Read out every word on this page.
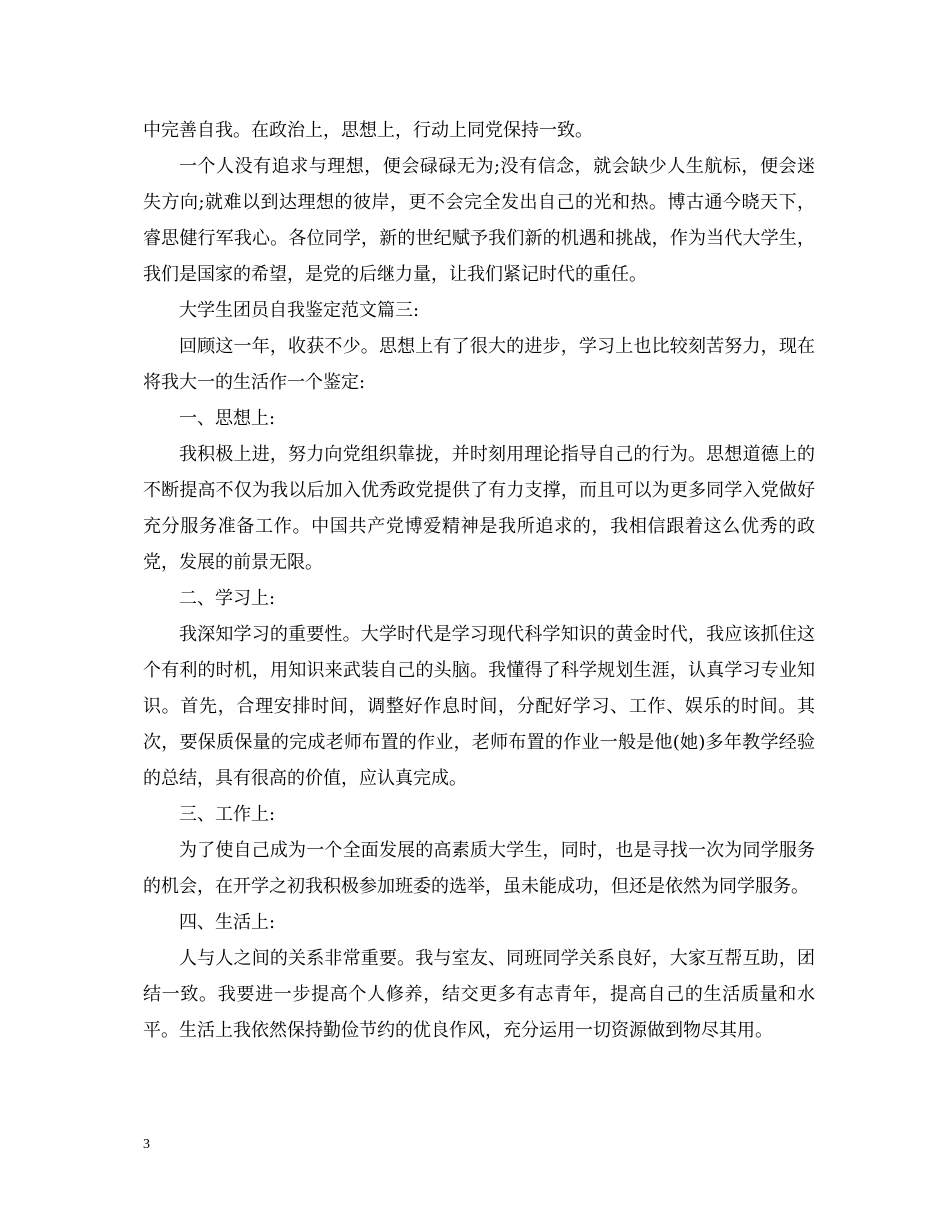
中完善自我。在政治上，思想上，行动上同党保持一致。

一个人没有追求与理想，便会碌碌无为;没有信念，就会缺少人生航标，便会迷失方向;就难以到达理想的彼岸，更不会完全发出自己的光和热。博古通今晓天下，睿思健行军我心。各位同学，新的世纪赋予我们新的机遇和挑战，作为当代大学生，我们是国家的希望，是党的后继力量，让我们紧记时代的重任。

大学生团员自我鉴定范文篇三:

回顾这一年，收获不少。思想上有了很大的进步，学习上也比较刻苦努力，现在将我大一的生活作一个鉴定:

一、思想上:

我积极上进，努力向党组织靠拢，并时刻用理论指导自己的行为。思想道德上的不断提高不仅为我以后加入优秀政党提供了有力支撑，而且可以为更多同学入党做好充分服务准备工作。中国共产党博爱精神是我所追求的，我相信跟着这么优秀的政党，发展的前景无限。

二、学习上:

我深知学习的重要性。大学时代是学习现代科学知识的黄金时代，我应该抓住这个有利的时机，用知识来武装自己的头脑。我懂得了科学规划生涯，认真学习专业知识。首先，合理安排时间，调整好作息时间，分配好学习、工作、娱乐的时间。其次，要保质保量的完成老师布置的作业，老师布置的作业一般是他(她)多年教学经验的总结，具有很高的价值，应认真完成。

三、工作上:

为了使自己成为一个全面发展的高素质大学生，同时，也是寻找一次为同学服务的机会，在开学之初我积极参加班委的选举，虽未能成功，但还是依然为同学服务。

四、生活上:

人与人之间的关系非常重要。我与室友、同班同学关系良好，大家互帮互助，团结一致。我要进一步提高个人修养，结交更多有志青年，提高自己的生活质量和水平。生活上我依然保持勤俭节约的优良作风，充分运用一切资源做到物尽其用。

3
